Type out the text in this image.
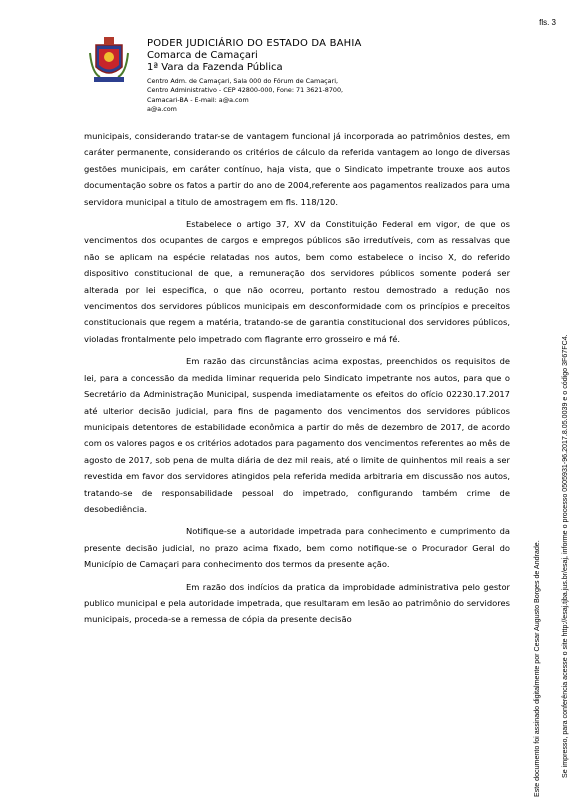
fls. 3
PODER JUDICIÁRIO DO ESTADO DA BAHIA
Comarca de Camaçari
1ª Vara da Fazenda Pública
Centro Adm. de Camaçari, Sala 000 do Fórum de Camaçari,
Centro Administrativo - CEP 42800-000, Fone: 71 3621-8700,
Camacari-BA - E-mail: a@a.com
a@a.com

municipais, considerando tratar-se de vantagem funcional já incorporada ao patrimônios destes, em caráter permanente, considerando os critérios de cálculo da referida vantagem ao longo de diversas gestões municipais, em caráter contínuo, haja vista, que o Sindicato impetrante trouxe aos autos documentação sobre os fatos a partir do ano de 2004,referente aos pagamentos realizados para uma servidora municipal a titulo de amostragem em fls. 118/120.

Estabelece o artigo 37, XV da Constituição Federal em vigor, de que os vencimentos dos ocupantes de cargos e empregos públicos são irredutíveis, com as ressalvas que não se aplicam na espécie relatadas nos autos, bem como estabelece o inciso X, do referido dispositivo constitucional de que, a remuneração dos servidores públicos somente poderá ser alterada por lei especifica, o que não ocorreu, portanto restou demostrado a redução nos vencimentos dos servidores públicos municipais em desconformidade com os princípios e preceitos constitucionais que regem a matéria, tratando-se de garantia constitucional dos servidores públicos, violadas frontalmente pelo impetrado com flagrante erro grosseiro e má fé.

Em razão das circunstâncias acima expostas, preenchidos os requisitos de lei, para a concessão da medida liminar requerida pelo Sindicato impetrante nos autos, para que o Secretário da Administração Municipal, suspenda imediatamente os efeitos do ofício 02230.17.2017 até ulterior decisão judicial, para fins de pagamento dos vencimentos dos servidores públicos municipais detentores de estabilidade econômica a partir do mês de dezembro de 2017, de acordo com os valores pagos e os critérios adotados para pagamento dos vencimentos referentes ao mês de agosto de 2017, sob pena de multa diária de dez mil reais, até o limite de quinhentos mil reais a ser revestida em favor dos servidores atingidos pela referida medida arbitraria em discussão nos autos, tratando-se de responsabilidade pessoal do impetrado, configurando também crime de desobediência.

Notifique-se a autoridade impetrada para conhecimento e cumprimento da presente decisão judicial, no prazo acima fixado, bem como notifique-se o Procurador Geral do Município de Camaçari para conhecimento dos termos da presente ação.

Em razão dos indícios da pratica da improbidade administrativa pelo gestor publico municipal e pela autoridade impetrada, que resultaram em lesão ao patrimônio do servidores municipais, proceda-se a remessa de cópia da presente decisão	Este documento foi assinado digitalmente por Cesar Augusto Borges de Andrade.	Se impresso, para conferência acesse o site http://esaj.tjba.jus.br/esaj, informe o processo 0505931-96.2017.8.05.0039 e o código 3F67FC4.
